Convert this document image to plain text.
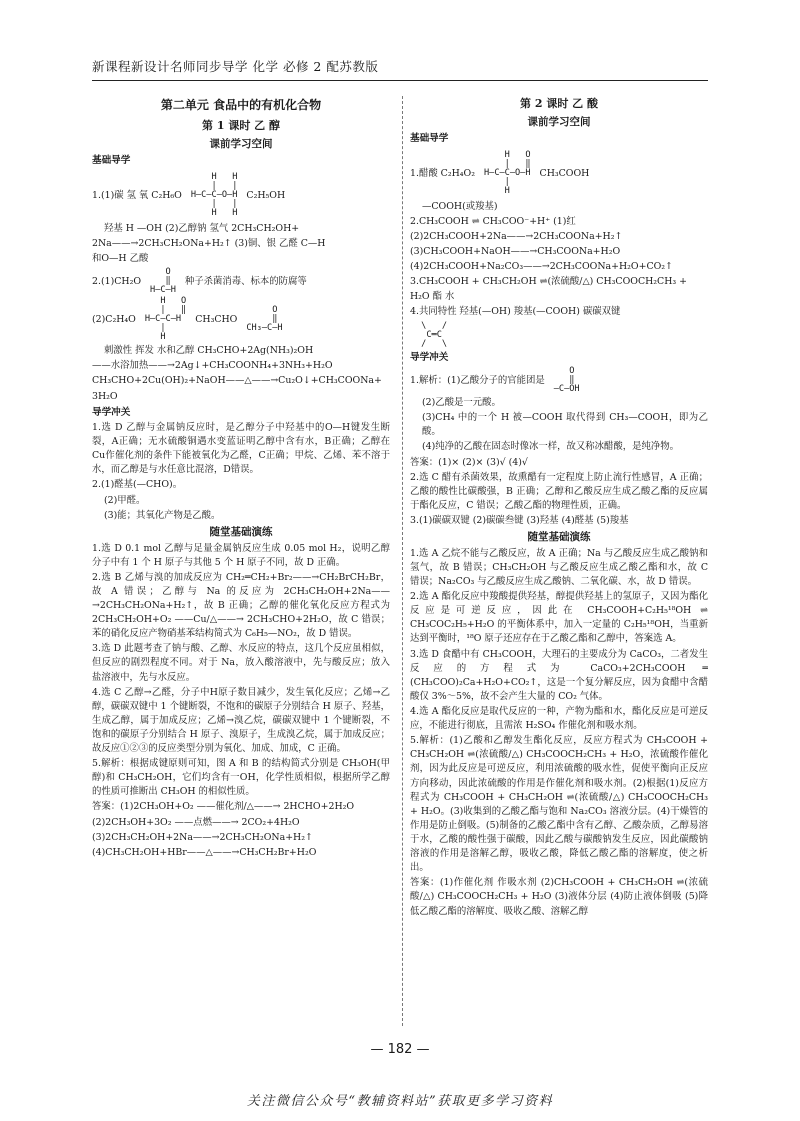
新课程新设计名师同步导学 化学 必修 2 配苏教版
第二单元 食品中的有机化合物
第 1 课时 乙 醇
课前学习空间
基础导学
1.(1)碳 氢 氧 C₂H₆O     H   H
|   |
H—C—C—O—H
|   |
H   H C₂H₅OH
羟基 H —OH (2)乙醇钠 氢气 2CH₃CH₂OH+
2Na——→2CH₃CH₂ONa+H₂↑ (3)铜、银 乙醛 C—H
和O—H 乙酸
2.(1)CH₂O    O
‖
H—C—H 种子杀菌消毒、标本的防腐等
(2)C₂H₄O    H   O
|   ‖
H—C—C—H
|
H CH₃CHO      O
‖
CH₃—C—H
刺激性 挥发 水和乙醇 CH₃CHO+2Ag(NH₃)₂OH
——水浴加热——→2Ag↓+CH₃COONH₄+3NH₃+H₂O
CH₃CHO+2Cu(OH)₂+NaOH——△——→Cu₂O↓+CH₃COONa+
3H₂O
导学冲关
1.选 D 乙醇与金属钠反应时，是乙醇分子中羟基中的O—H键发生断裂，A正确；无水硫酸铜遇水变蓝证明乙醇中含有水，B正确；乙醇在Cu作催化剂的条件下能被氧化为乙醛，C正确；甲烷、乙烯、苯不溶于水，而乙醇是与水任意比混溶，D错误。
2.(1)醛基(—CHO)。
(2)甲醛。
(3)能；其氧化产物是乙酸。
随堂基础演练
1.选 D 0.1 mol 乙醇与足量金属钠反应生成 0.05 mol H₂，说明乙醇分子中有 1 个 H 原子与其他 5 个 H 原子不同，故 D 正确。
2.选 B 乙烯与溴的加成反应为 CH₂═CH₂+Br₂——→CH₂BrCH₂Br，故 A 错误；乙醇与 Na 的反应为 2CH₃CH₂OH+2Na——→2CH₃CH₂ONa+H₂↑，故 B 正确；乙醇的催化氧化反应方程式为 2CH₃CH₂OH+O₂ ——Cu/△——→ 2CH₃CHO+2H₂O，故 C 错误；苯的硝化反应产物硝基苯结构简式为 C₆H₅—NO₂，故 D 错误。
3.选 D 此题考查了钠与酸、乙醇、水反应的特点，这几个反应虽相似，但反应的剧烈程度不同。对于 Na，放入酸溶液中，先与酸反应；放入盐溶液中，先与水反应。
4.选 C 乙醇→乙醛，分子中H原子数目减少，发生氧化反应；乙烯→乙醇，碳碳双键中 1 个键断裂，不饱和的碳原子分别结合 H 原子、羟基，生成乙醇，属于加成反应；乙烯→溴乙烷，碳碳双键中 1 个键断裂，不饱和的碳原子分别结合 H 原子、溴原子，生成溴乙烷，属于加成反应；故反应①②③的反应类型分别为氧化、加成、加成，C 正确。
5.解析：根据成键原则可知，图 A 和 B 的结构简式分别是 CH₃OH(甲醇)和 CH₃CH₂OH，它们均含有一OH，化学性质相似，根据所学乙醇的性质可推断出 CH₃OH 的相似性质。
答案：(1)2CH₃OH+O₂ ——催化剂/△——→ 2HCHO+2H₂O
(2)2CH₃OH+3O₂ ——点燃——→ 2CO₂+4H₂O
(3)2CH₃CH₂OH+2Na——→2CH₃CH₂ONa+H₂↑
(4)CH₃CH₂OH+HBr——△——→CH₃CH₂Br+H₂O
第 2 课时 乙 酸
课前学习空间
基础导学
1.醋酸 C₂H₄O₂     H   O
|   ‖
H—C—C—O—H
|
H CH₃COOH
—COOH(或羧基)
2.CH₃COOH ⇌ CH₃COO⁻+H⁺ (1)红
(2)2CH₃COOH+2Na——→2CH₃COONa+H₂↑
(3)CH₃COOH+NaOH——→CH₃COONa+H₂O
(4)2CH₃COOH+Na₂CO₃——→2CH₃COONa+H₂O+CO₂↑
3.CH₃COOH + CH₃CH₂OH ⇌(浓硫酸/△) CH₃COOCH₂CH₃ +
H₂O 酯 水
4.共同特性 羟基(—OH) 羧基(—COOH) 碳碳双键
\   /
C═C
/   \
导学冲关
1.解析：(1)乙酸分子的官能团是    O
‖
—C—OH
(2)乙酸是一元酸。
(3)CH₄ 中的一个 H 被—COOH 取代得到 CH₃—COOH，即为乙酸。
(4)纯净的乙酸在固态时像冰一样，故又称冰醋酸，是纯净物。
答案：(1)× (2)× (3)√ (4)√
2.选 C 醋有杀菌效果，故熏醋有一定程度上防止流行性感冒，A 正确；乙酸的酸性比碳酸强，B 正确；乙醇和乙酸反应生成乙酸乙酯的反应属于酯化反应，C 错误；乙酸乙酯的物理性质，正确。
3.(1)碳碳双键 (2)碳碳叁键 (3)羟基 (4)醛基 (5)羧基
随堂基础演练
1.选 A 乙烷不能与乙酸反应，故 A 正确；Na 与乙酸反应生成乙酸钠和氢气，故 B 错误；CH₃CH₂OH 与乙酸反应生成乙酸乙酯和水，故 C 错误；Na₂CO₃ 与乙酸反应生成乙酸钠、二氧化碳、水，故 D 错误。
2.选 A 酯化反应中羧酸提供羟基，醇提供羟基上的氢原子，又因为酯化反应是可逆反应，因此在 CH₃COOH+C₂H₅¹⁸OH ⇌ CH₃COC₂H₅+H₂O 的平衡体系中，加入一定量的 C₂H₅¹⁸OH，当重新达到平衡时，¹⁸O 原子还应存在于乙酸乙酯和乙醇中，答案选 A。
3.选 D 食醋中有 CH₃COOH，大理石的主要成分为 CaCO₃，二者发生反应的方程式为 CaCO₃+2CH₃COOH ═ (CH₃COO)₂Ca+H₂O+CO₂↑，这是一个复分解反应，因为食醋中含醋酸仅 3%～5%，故不会产生大量的 CO₂ 气体。
4.选 A 酯化反应是取代反应的一种，产物为酯和水，酯化反应是可逆反应，不能进行彻底，且需浓 H₂SO₄ 作催化剂和吸水剂。
5.解析：(1)乙酸和乙醇发生酯化反应，反应方程式为 CH₃COOH + CH₃CH₂OH ⇌(浓硫酸/△) CH₃COOCH₂CH₃ + H₂O，浓硫酸作催化剂，因为此反应是可逆反应，利用浓硫酸的吸水性，促使平衡向正反应方向移动，因此浓硫酸的作用是作催化剂和吸水剂。(2)根据(1)反应方程式为 CH₃COOH + CH₃CH₂OH ⇌(浓硫酸/△) CH₃COOCH₂CH₃ + H₂O。(3)收集到的乙酸乙酯与饱和 Na₂CO₃ 溶液分层。(4)干燥管的作用是防止倒吸。(5)制备的乙酸乙酯中含有乙醇、乙酸杂质，乙醇易溶于水，乙酸的酸性强于碳酸，因此乙酸与碳酸钠发生反应，因此碳酸钠溶液的作用是溶解乙醇，吸收乙酸，降低乙酸乙酯的溶解度，使之析出。
答案：(1)作催化剂 作吸水剂 (2)CH₃COOH + CH₃CH₂OH ⇌(浓硫酸/△) CH₃COOCH₂CH₃ + H₂O (3)液体分层 (4)防止液体倒吸 (5)降低乙酸乙酯的溶解度、吸收乙酸、溶解乙醇
— 182 —
关注微信公众号“教辅资料站”获取更多学习资料
